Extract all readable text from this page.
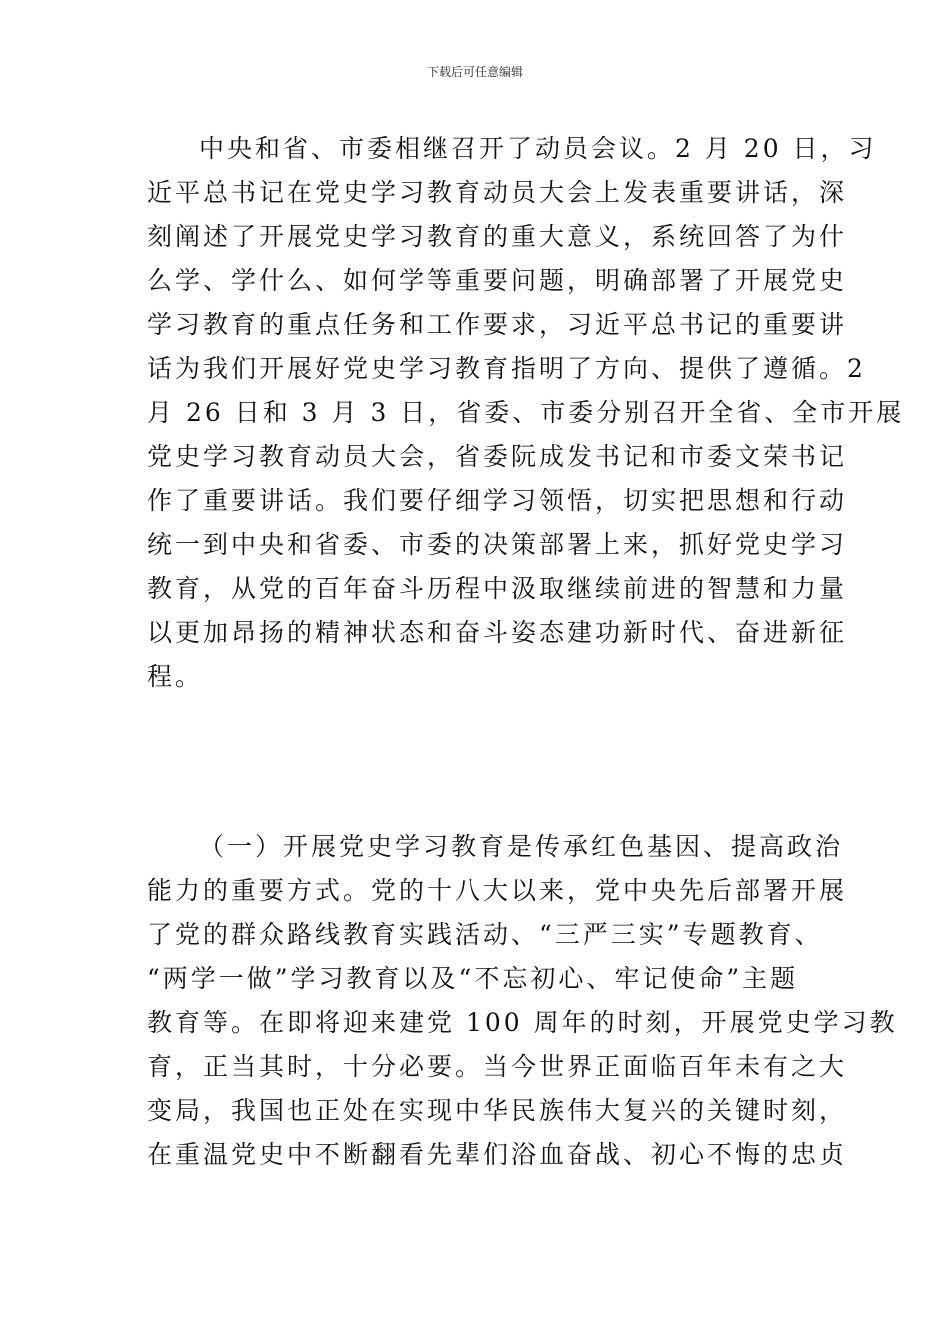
下载后可任意编辑
中央和省、市委相继召开了动员会议。2 月 20 日，习
近平总书记在党史学习教育动员大会上发表重要讲话，深
刻阐述了开展党史学习教育的重大意义，系统回答了为什
么学、学什么、如何学等重要问题，明确部署了开展党史
学习教育的重点任务和工作要求，习近平总书记的重要讲
话为我们开展好党史学习教育指明了方向、提供了遵循。2
月 26 日和 3 月 3 日，省委、市委分别召开全省、全市开展
党史学习教育动员大会，省委阮成发书记和市委文荣书记
作了重要讲话。我们要仔细学习领悟，切实把思想和行动
统一到中央和省委、市委的决策部署上来，抓好党史学习
教育，从党的百年奋斗历程中汲取继续前进的智慧和力量
以更加昂扬的精神状态和奋斗姿态建功新时代、奋进新征
程。
（一）开展党史学习教育是传承红色基因、提高政治
能力的重要方式。党的十八大以来，党中央先后部署开展
了党的群众路线教育实践活动、“三严三实”专题教育、
“两学一做”学习教育以及“不忘初心、牢记使命”主题
教育等。在即将迎来建党 100 周年的时刻，开展党史学习教
育，正当其时，十分必要。当今世界正面临百年未有之大
变局，我国也正处在实现中华民族伟大复兴的关键时刻，
在重温党史中不断翻看先辈们浴血奋战、初心不悔的忠贞
